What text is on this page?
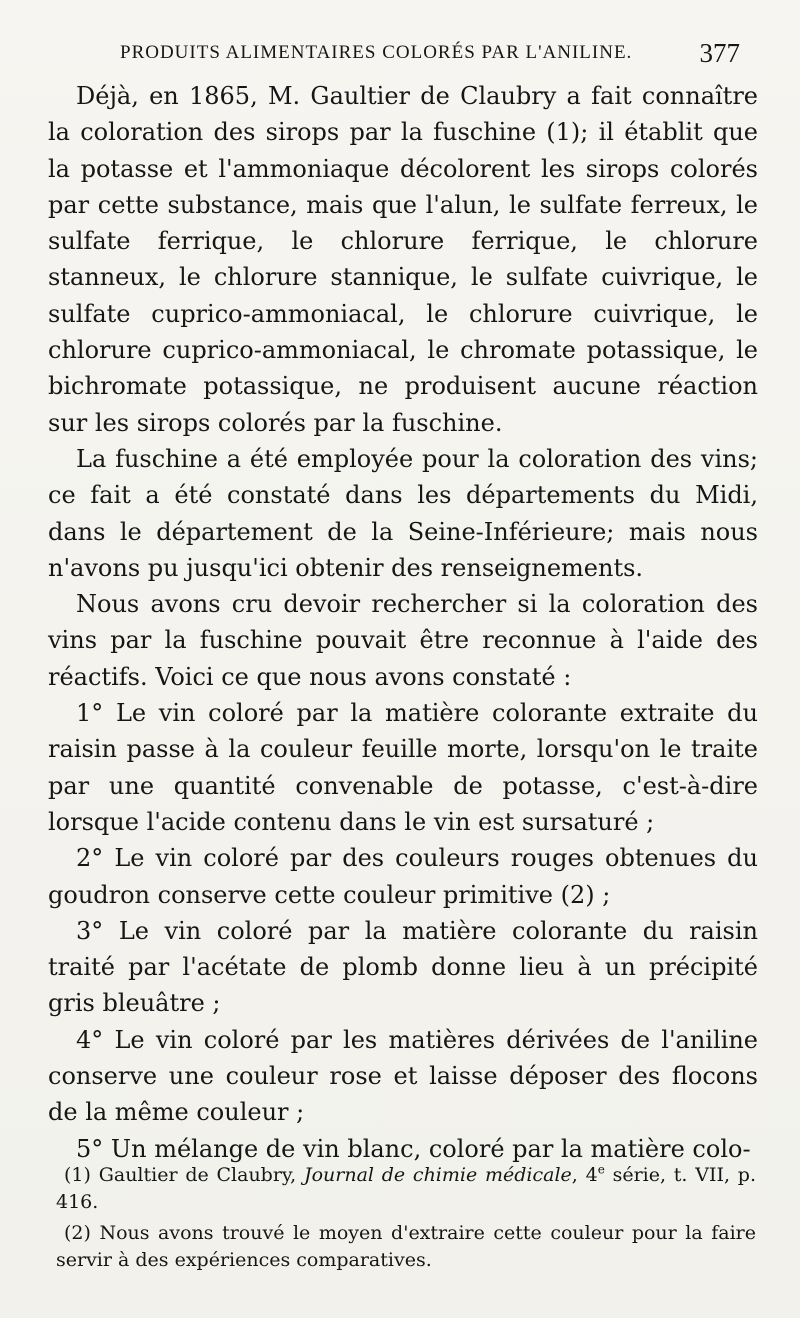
PRODUITS ALIMENTAIRES COLORÉS PAR L'ANILINE. 377

Déjà, en 1865, M. Gaultier de Claubry a fait connaître la coloration des sirops par la fuschine (1); il établit que la potasse et l'ammoniaque décolorent les sirops colorés par cette substance, mais que l'alun, le sulfate ferreux, le sulfate ferrique, le chlorure ferrique, le chlorure stanneux, le chlorure stannique, le sulfate cuivrique, le sulfate cuprico-ammoniacal, le chlorure cuivrique, le chlorure cuprico-ammoniacal, le chromate potassique, le bichromate potassique, ne produisent aucune réaction sur les sirops colorés par la fuschine.

La fuschine a été employée pour la coloration des vins; ce fait a été constaté dans les départements du Midi, dans le département de la Seine-Inférieure; mais nous n'avons pu jusqu'ici obtenir des renseignements.

Nous avons cru devoir rechercher si la coloration des vins par la fuschine pouvait être reconnue à l'aide des réactifs. Voici ce que nous avons constaté :

1° Le vin coloré par la matière colorante extraite du raisin passe à la couleur feuille morte, lorsqu'on le traite par une quantité convenable de potasse, c'est-à-dire lorsque l'acide contenu dans le vin est sursaturé ;

2° Le vin coloré par des couleurs rouges obtenues du goudron conserve cette couleur primitive (2) ;

3° Le vin coloré par la matière colorante du raisin traité par l'acétate de plomb donne lieu à un précipité gris bleuâtre ;

4° Le vin coloré par les matières dérivées de l'aniline conserve une couleur rose et laisse déposer des flocons de la même couleur ;

5° Un mélange de vin blanc, coloré par la matière colo-

(1) Gaultier de Claubry, Journal de chimie médicale, 4e série, t. VII, p. 416.

(2) Nous avons trouvé le moyen d'extraire cette couleur pour la faire servir à des expériences comparatives.
